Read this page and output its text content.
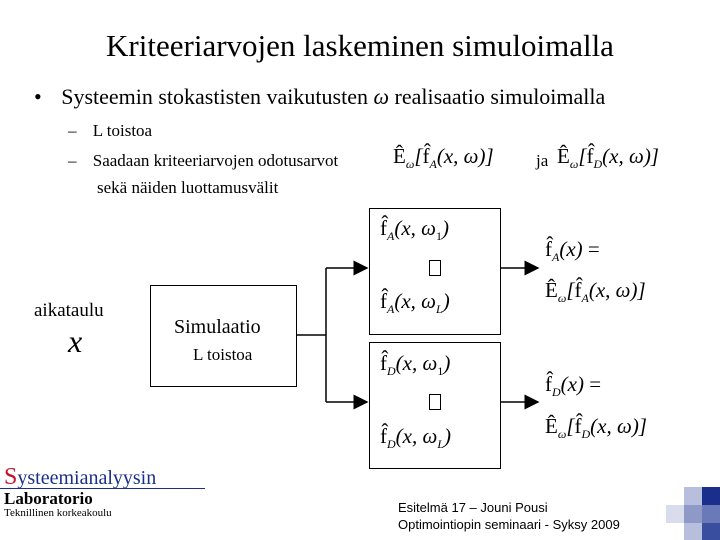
Kriteeriarvojen laskeminen simuloimalla
• Systeemin stokastisten vaikutusten ω realisaatio simuloimalla
– L toistoa
– Saadaan kriteeriarvojen odotusarvot
sekä näiden luottamusvälit
$Ê_\omega[f̂_A(x$, ω)] ja $Ê_\omega[f̂_D(x$, ω)]
aikataulu
x	Simulaatio
L toistoa
$f̂_A(x$, $\omega_1$)
$f̂_A(x$, $\omega_L$)
$f̂_D(x$, $\omega_1$)
$f̂_D(x$, $\omega_L$)
$f̂_A(x)$ =
$Ê_\omega[f̂_A(x$, ω)]
$f̂_D(x)$ =
$Ê_\omega[f̂_D(x$, ω)]
Systeemianalyysin
Laboratorio
Teknillinen korkeakoulu	Esitelmä 17 – Jouni Pousi
Optimointiopin seminaari - Syksy 2009
